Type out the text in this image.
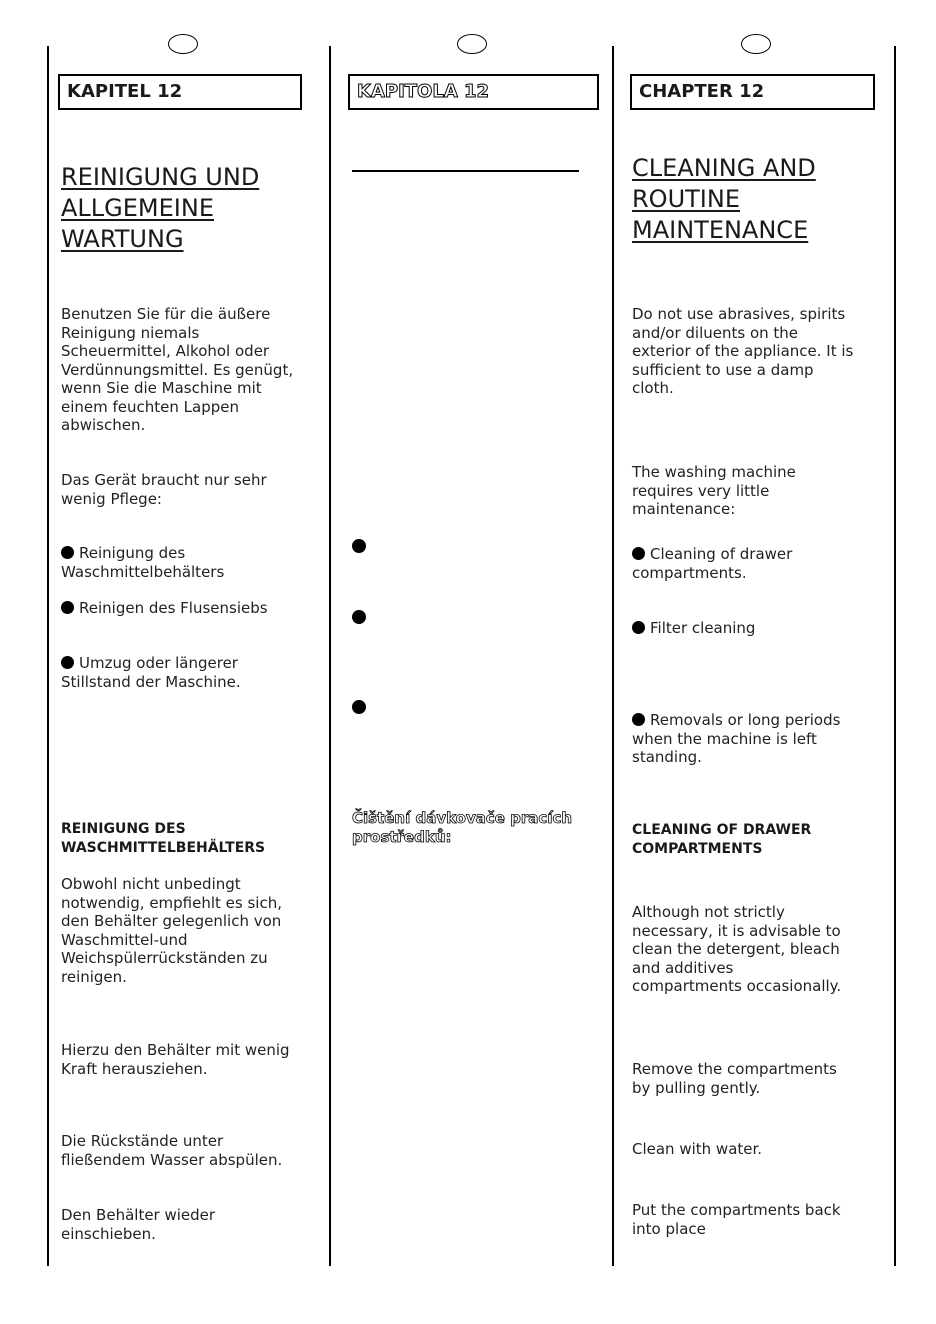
KAPITEL 12
REINIGUNG UND
ALLGEMEINE
WARTUNG
Benutzen Sie für die äußere
Reinigung niemals
Scheuermittel, Alkohol oder
Verdünnungsmittel. Es genügt,
wenn Sie die Maschine mit
einem feuchten Lappen
abwischen.
Das Gerät braucht nur sehr
wenig Pflege:
Reinigung des
Waschmittelbehälters
Reinigen des Flusensiebs
Umzug oder längerer
Stillstand der Maschine.
REINIGUNG DES
WASCHMITTELBEHÄLTERS
Obwohl nicht unbedingt
notwendig, empfiehlt es sich,
den Behälter gelegenlich von
Waschmittel-und
Weichspülerrückständen zu
reinigen.
Hierzu den Behälter mit wenig
Kraft herausziehen.
Die Rückstände unter
fließendem Wasser abspülen.
Den Behälter wieder
einschieben.
KAPITOLA 12
Čištění dávkovače pracích
prostředků:
CHAPTER 12
CLEANING AND
ROUTINE
MAINTENANCE
Do not use abrasives, spirits
and/or diluents on the
exterior of the appliance. It is
sufficient to use a damp
cloth.
The washing machine
requires very little
maintenance:
Cleaning of drawer
compartments.
Filter cleaning
Removals or long periods
when the machine is left
standing.
CLEANING OF DRAWER
COMPARTMENTS
Although not strictly
necessary, it is advisable to
clean the detergent, bleach
and additives
compartments occasionally.
Remove the compartments
by pulling gently.
Clean with water.
Put the compartments back
into place
